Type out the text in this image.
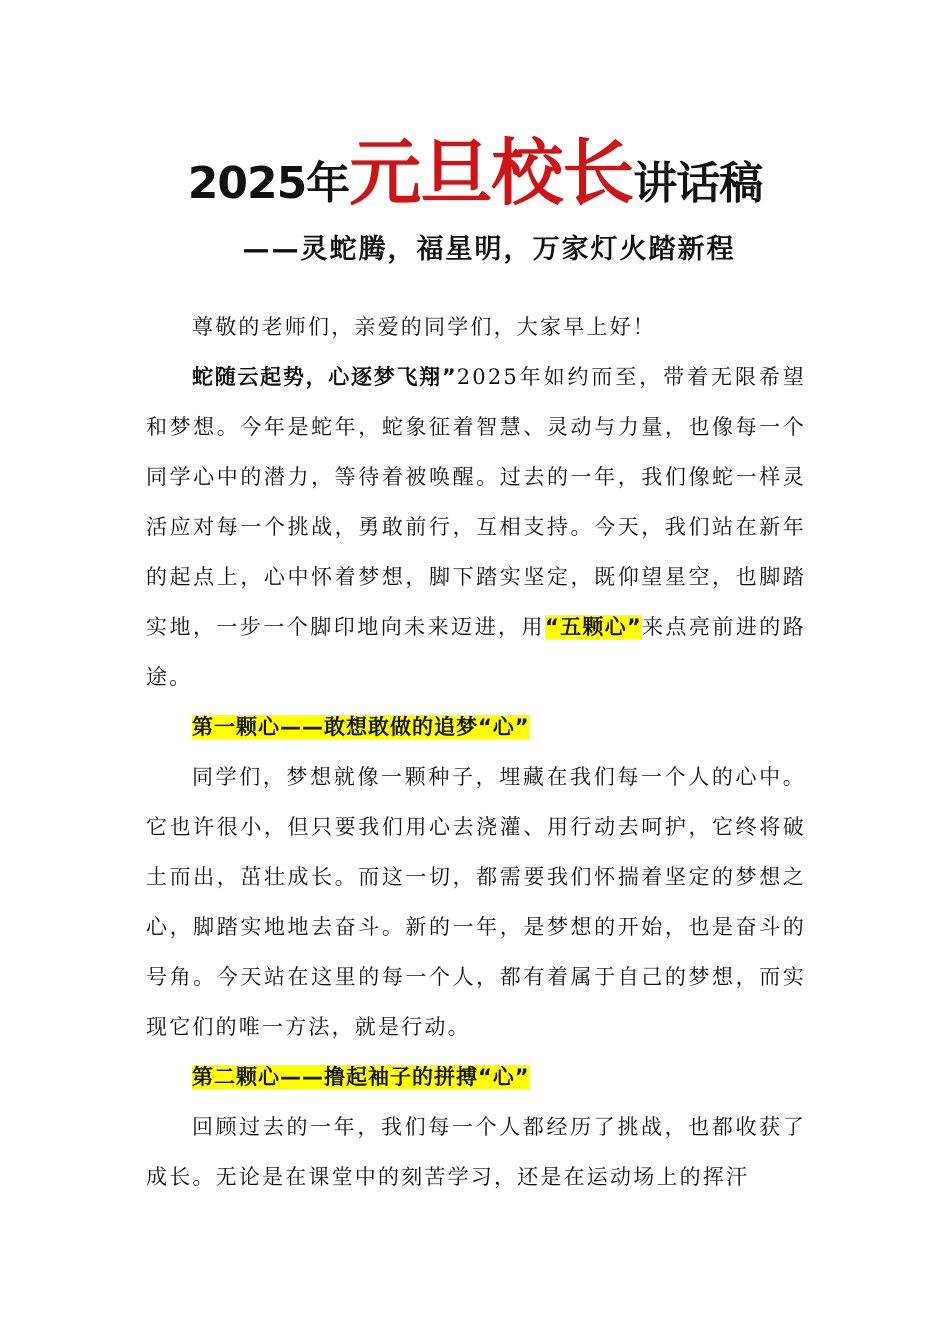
2025年元旦校长讲话稿
——灵蛇腾，福星明，万家灯火踏新程

尊敬的老师们，亲爱的同学们，大家早上好！

蛇随云起势，心逐梦飞翔”2025年如约而至，带着无限希望和梦想。今年是蛇年，蛇象征着智慧、灵动与力量，也像每一个同学心中的潜力，等待着被唤醒。过去的一年，我们像蛇一样灵活应对每一个挑战，勇敢前行，互相支持。今天，我们站在新年的起点上，心中怀着梦想，脚下踏实坚定，既仰望星空，也脚踏实地，一步一个脚印地向未来迈进，用“五颗心”来点亮前进的路途。

第一颗心——敢想敢做的追梦“心”

同学们，梦想就像一颗种子，埋藏在我们每一个人的心中。它也许很小，但只要我们用心去浇灌、用行动去呵护，它终将破土而出，茁壮成长。而这一切，都需要我们怀揣着坚定的梦想之心，脚踏实地地去奋斗。新的一年，是梦想的开始，也是奋斗的号角。今天站在这里的每一个人，都有着属于自己的梦想，而实现它们的唯一方法，就是行动。

第二颗心——撸起袖子的拼搏“心”

回顾过去的一年，我们每一个人都经历了挑战，也都收获了成长。无论是在课堂中的刻苦学习，还是在运动场上的挥汗
